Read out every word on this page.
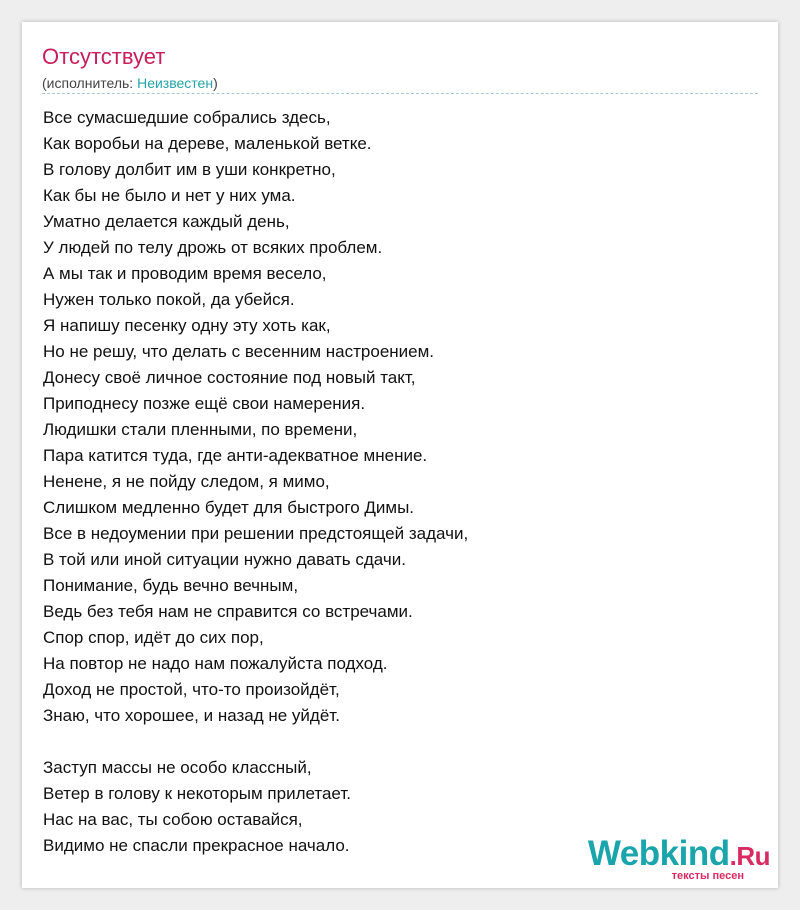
Отсутствует
(исполнитель: Неизвестен)
Все сумасшедшие собрались здесь,
Как воробьи на дереве, маленькой ветке.
В голову долбит им в уши конкретно,
Как бы не было и нет у них ума.
Уматно делается каждый день,
У людей по телу дрожь от всяких проблем.
А мы так и проводим время весело,
Нужен только покой, да убейся.
Я напишу песенку одну эту хоть как,
Но не решу, что делать с весенним настроением.
Донесу своё личное состояние под новый такт,
Приподнесу позже ещё свои намерения.
Людишки стали пленными, по времени,
Пара катится туда, где анти-адекватное мнение.
Ненене, я не пойду следом, я мимо,
Слишком медленно будет для быстрого Димы.
Все в недоумении при решении предстоящей задачи,
В той или иной ситуации нужно давать сдачи.
Понимание, будь вечно вечным,
Ведь без тебя нам не справится со встречами.
Спор спор, идёт до сих пор,
На повтор не надо нам пожалуйста подход.
Доход не простой, что-то произойдёт,
Знаю, что хорошее, и назад не уйдёт.
Заступ массы не особо классный,
Ветер в голову к некоторым прилетает.
Нас на вас, ты собою оставайся,
Видимо не спасли прекрасное начало.	Webkind.Ru
тексты песен
